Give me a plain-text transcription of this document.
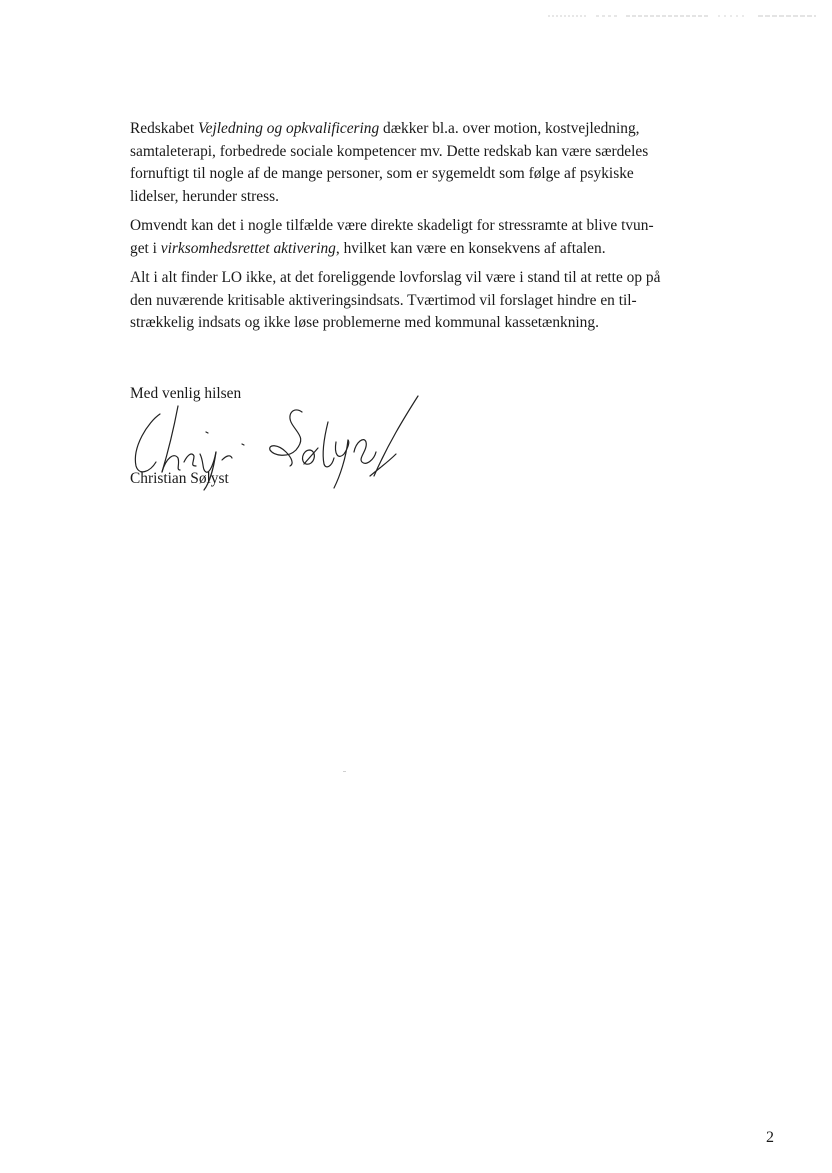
Redskabet Vejledning og opkvalificering dækker bl.a. over motion, kostvejledning,
samtaleterapi, forbedrede sociale kompetencer mv. Dette redskab kan være særdeles
fornuftigt til nogle af de mange personer, som er sygemeldt som følge af psykiske
lidelser, herunder stress.

Omvendt kan det i nogle tilfælde være direkte skadeligt for stressramte at blive tvun-
get i virksomhedsrettet aktivering, hvilket kan være en konsekvens af aftalen.

Alt i alt finder LO ikke, at det foreliggende lovforslag vil være i stand til at rette op på
den nuværende kritisable aktiveringsindsats. Tværtimod vil forslaget hindre en til-
strækkelig indsats og ikke løse problemerne med kommunal kassetænkning.

Med venlig hilsen
Christian Sølyst
2
